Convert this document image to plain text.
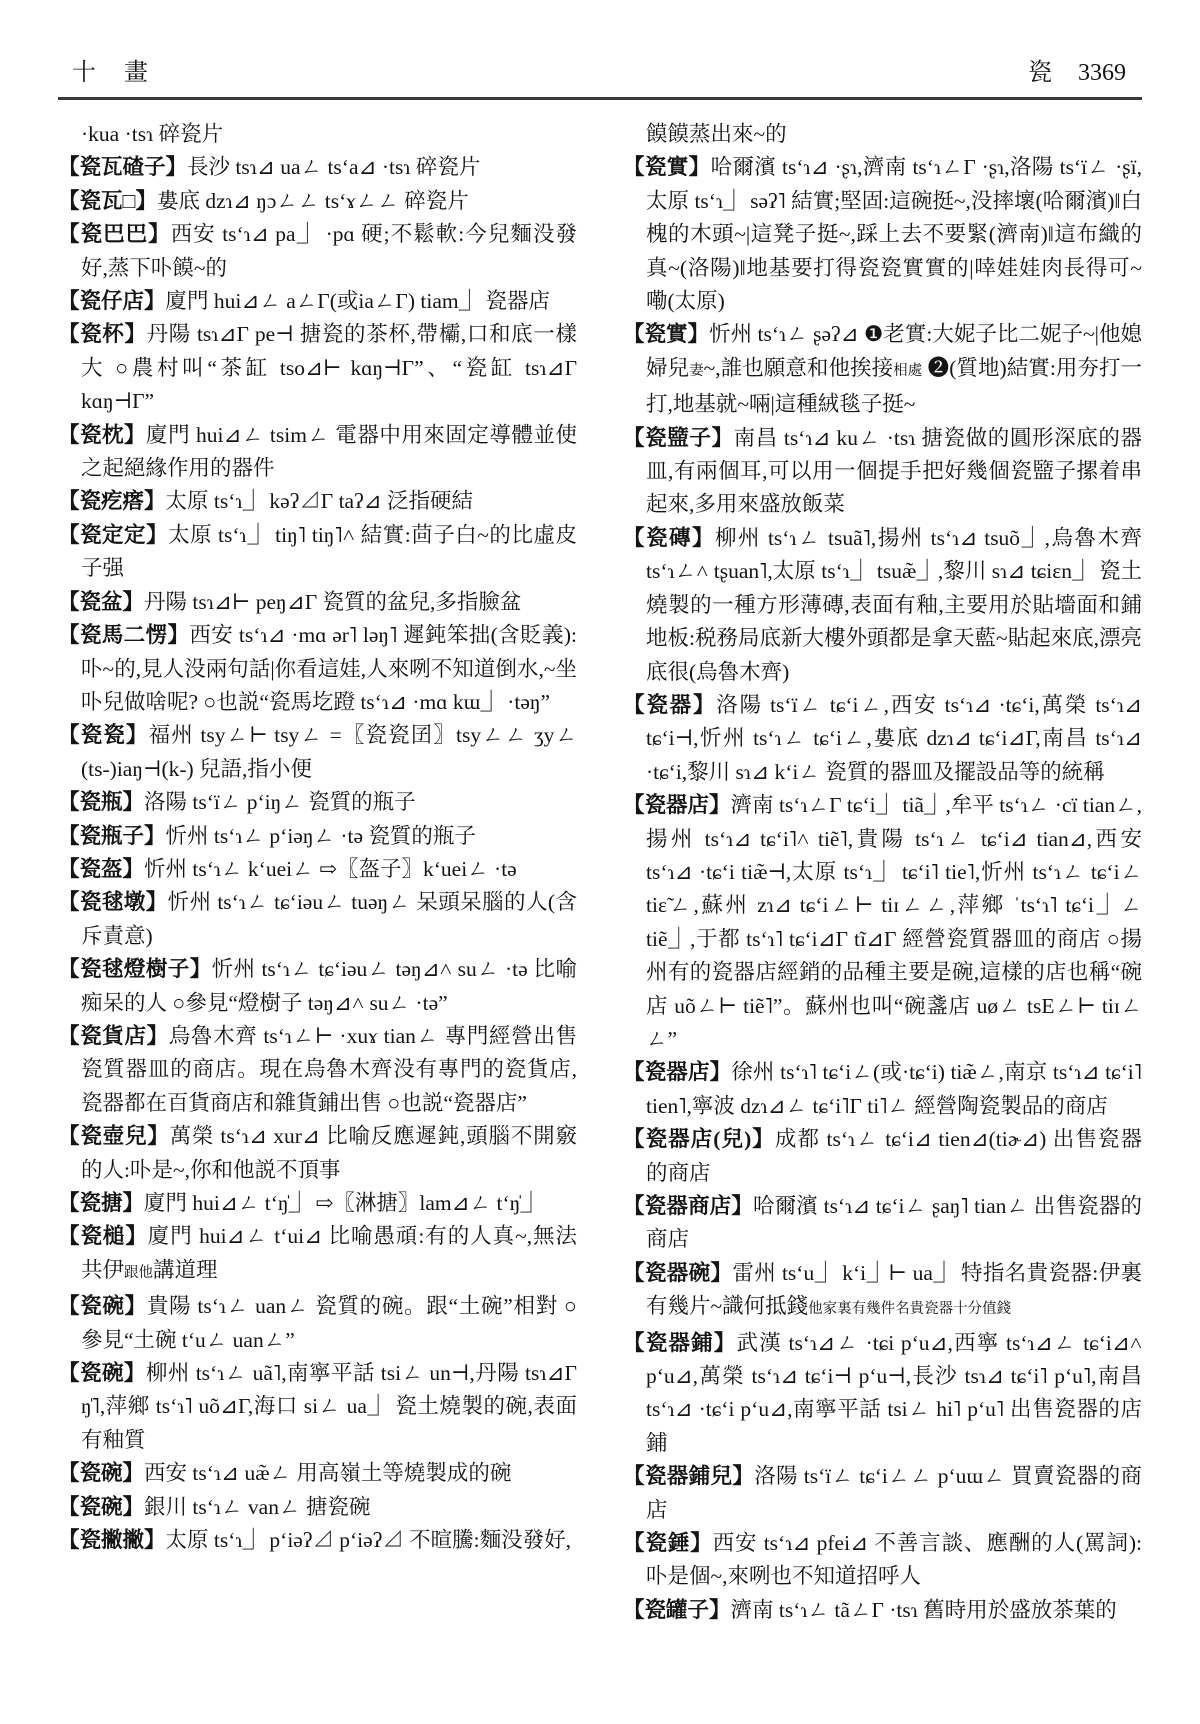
十　畫	瓷 3369

·kua ·tsɿ 碎瓷片

【瓷瓦碴子】長沙 tsɿ⊿ uaㄥ tsʻa⊿ ·tsɿ 碎瓷片

【瓷瓦□】婁底 dzɿ⊿ ŋɔㄥㄥ tsʻɤㄥㄥ 碎瓷片

【瓷巴巴】西安 tsʻɿ⊿ pa⏌ ·pɑ 硬;不鬆軟:今兒麵没發好,蒸下卟饃~的

【瓷仔店】廈門 hui⊿ㄥ aㄥΓ(或iaㄥΓ) tiam⏌ 瓷器店

【瓷杯】丹陽 tsɿ⊿Γ pe⊣ 搪瓷的茶杯,帶欛,口和底一樣大 ○農村叫“茶缸 tso⊿⊢ kɑŋ⊣Γ”、“瓷缸 tsɿ⊿Γ kɑŋ⊣Γ”

【瓷枕】廈門 hui⊿ㄥ tsimㄥ 電器中用來固定導體並使之起絕緣作用的器件

【瓷疙瘩】太原 tsʻɿ⏌ kəʔ⊿Γ taʔ⊿ 泛指硬結

【瓷定定】太原 tsʻɿ⏌ tiŋ˥ tiŋ˥˄ 結實:茴子白~的比虛皮子强

【瓷盆】丹陽 tsɿ⊿⊢ peŋ⊿Γ 瓷質的盆兒,多指臉盆

【瓷馬二愣】西安 tsʻɿ⊿ ·mɑ ər˥ ləŋ˥ 遲鈍笨拙(含貶義):卟~的,見人没兩句話|你看這娃,人來咧不知道倒水,~坐卟兒做啥呢? ○也説“瓷馬圪蹬 tsʻɿ⊿ ·mɑ kɯ⏌ ·təŋ”

【瓷瓷】福州 tsyㄥ⊢ tsyㄥ =〖瓷瓷囝〗tsyㄥㄥ ʒyㄥ(ts-)iaŋ⊣(k-) 兒語,指小便

【瓷瓶】洛陽 tsʻïㄥ pʻiŋㄥ 瓷質的瓶子

【瓷瓶子】忻州 tsʻɿㄥ pʻiəŋㄥ ·tə 瓷質的瓶子

【瓷盔】忻州 tsʻɿㄥ kʻueiㄥ ⇨〖盔子〗kʻueiㄥ ·tə

【瓷毬墩】忻州 tsʻɿㄥ tɕʻiəuㄥ tuəŋㄥ 呆頭呆腦的人(含斥責意)

【瓷毬燈樹子】忻州 tsʻɿㄥ tɕʻiəuㄥ təŋ⊿˄ suㄥ ·tə 比喻痴呆的人 ○參見“燈樹子 təŋ⊿˄ suㄥ ·tə”

【瓷貨店】烏魯木齊 tsʻɿㄥ⊢ ·xuɤ tianㄥ 專門經營出售瓷質器皿的商店。現在烏魯木齊没有專門的瓷貨店,瓷器都在百貨商店和雜貨鋪出售 ○也説“瓷器店”

【瓷壺兒】萬榮 tsʻɿ⊿ xur⊿ 比喻反應遲鈍,頭腦不開竅的人:卟是~,你和他説不頂事

【瓷搪】廈門 hui⊿ㄥ tʻŋ̍⏌ ⇨〖淋搪〗lam⊿ㄥ tʻŋ̍⏌

【瓷槌】廈門 hui⊿ㄥ tʻui⊿ 比喻愚頑:有的人真~,無法共伊跟他講道理

【瓷碗】貴陽 tsʻɿㄥ uanㄥ 瓷質的碗。跟“土碗”相對 ○參見“土碗 tʻuㄥ uanㄥ”

【瓷碗】柳州 tsʻɿㄥ uã˥,南寧平話 tsiㄥ un⊣,丹陽 tsɿ⊿Γ ŋ̍˥,萍鄉 tsʻɿ˥ uõ⊿Γ,海口 siㄥ ua⏌ 瓷土燒製的碗,表面有釉質

【瓷碗】西安 tsʻɿ⊿ uæ̃ㄥ 用高嶺土等燒製成的碗

【瓷碗】銀川 tsʻɿㄥ vanㄥ 搪瓷碗

【瓷撇撇】太原 tsʻɿ⏌ pʻiəʔ⊿ pʻiəʔ⊿ 不暄騰:麵没發好,

饃饃蒸出來~的

【瓷實】哈爾濱 tsʻɿ⊿ ·ʂɿ,濟南 tsʻɿㄥΓ ·ʂɿ,洛陽 tsʻïㄥ ·ʂï,太原 tsʻɿ⏌ səʔ˥ 結實;堅固:這碗挺~,没摔壞(哈爾濱)‖白槐的木頭~|這凳子挺~,踩上去不要緊(濟南)‖這布織的真~(洛陽)‖地基要打得瓷瓷實實的|啈娃娃肉長得可~嘞(太原)

【瓷實】忻州 tsʻɿㄥ ʂəʔ⊿ ❶老實:大妮子比二妮子~|他媳婦兒妻~,誰也願意和他挨接相處 ❷(質地)結實:用夯打一打,地基就~啢|這種絨毯子挺~

【瓷盬子】南昌 tsʻɿ⊿ kuㄥ ·tsɿ 搪瓷做的圓形深底的器皿,有兩個耳,可以用一個提手把好幾個瓷盬子摞着串起來,多用來盛放飯菜

【瓷磚】柳州 tsʻɿㄥ tsuã˥,揚州 tsʻɿ⊿ tsuõ⏌,烏魯木齊 tsʻɿㄥ˄ tʂuan˥,太原 tsʻɿ⏌ tsuæ̃⏌,黎川 sɿ⊿ tɕiɛn⏌ 瓷土燒製的一種方形薄磚,表面有釉,主要用於貼墻面和鋪地板:税務局底新大樓外頭都是拿天藍~貼起來底,漂亮底很(烏魯木齊)

【瓷器】洛陽 tsʻïㄥ tɕʻiㄥ,西安 tsʻɿ⊿ ·tɕʻi,萬榮 tsʻɿ⊿ tɕʻi⊣,忻州 tsʻɿㄥ tɕʻiㄥ,婁底 dzɿ⊿ tɕʻi⊿Γ,南昌 tsʻɿ⊿ ·tɕʻi,黎川 sɿ⊿ kʻiㄥ 瓷質的器皿及擺設品等的統稱

【瓷器店】濟南 tsʻɿㄥΓ tɕʻi⏌ tiã⏌,牟平 tsʻɿㄥ ·cï tianㄥ,揚州 tsʻɿ⊿ tɕʻi˥˄ tiẽ˥,貴陽 tsʻɿㄥ tɕʻi⊿ tian⊿,西安 tsʻɿ⊿ ·tɕʻi tiæ̃⊣,太原 tsʻɿ⏌ tɕʻi˥ tie˥,忻州 tsʻɿㄥ tɕʻiㄥ tiɛ̃ㄥ,蘇州 zɿ⊿ tɕʻiㄥ⊢ tiɪㄥㄥ,萍鄉 ˈtsʻɿ˥ tɕʻi⏌ㄥ tiẽ⏌,于都 tsʻɿ˥ tɕʻi⊿Γ tĩ⊿Γ 經營瓷質器皿的商店 ○揚州有的瓷器店經銷的品種主要是碗,這樣的店也稱“碗店 uõㄥ⊢ tiẽ˥”。蘇州也叫“碗盞店 uøㄥ tsEㄥ⊢ tiɪㄥㄥ”

【瓷器店】徐州 tsʻɿ˥ tɕʻiㄥ(或·tɕʻi) tiæ̃ㄥ,南京 tsʻɿ⊿ tɕʻi˥ tien˥,寧波 dzɿ⊿ㄥ tɕʻi˥Γ ti˥ㄥ 經營陶瓷製品的商店

【瓷器店(兒)】成都 tsʻɿㄥ tɕʻi⊿ tien⊿(tiɚ⊿) 出售瓷器的商店

【瓷器商店】哈爾濱 tsʻɿ⊿ tɕʻiㄥ ʂaŋ˥ tianㄥ 出售瓷器的商店

【瓷器碗】雷州 tsʻu⏌ kʻi⏌⊢ ua⏌ 特指名貴瓷器:伊裏有幾片~識何抵錢他家裏有幾件名貴瓷器十分值錢

【瓷器鋪】武漢 tsʻɿ⊿ㄥ ·tɕi pʻu⊿,西寧 tsʻɿ⊿ㄥ tɕʻi⊿˄ pʻu⊿,萬榮 tsʻɿ⊿ tɕʻi⊣ pʻu⊣,長沙 tsɿ⊿ tɕʻi˥ pʻu˥,南昌 tsʻɿ⊿ ·tɕʻi pʻu⊿,南寧平話 tsiㄥ hi˥ pʻu˥ 出售瓷器的店鋪

【瓷器鋪兒】洛陽 tsʻïㄥ tɕʻiㄥㄥ pʻuɯㄥ 買賣瓷器的商店

【瓷錘】西安 tsʻɿ⊿ pfei⊿ 不善言談、應酬的人(罵詞):卟是個~,來咧也不知道招呼人

【瓷罐子】濟南 tsʻɿㄥ tãㄥΓ ·tsɿ 舊時用於盛放茶葉的
